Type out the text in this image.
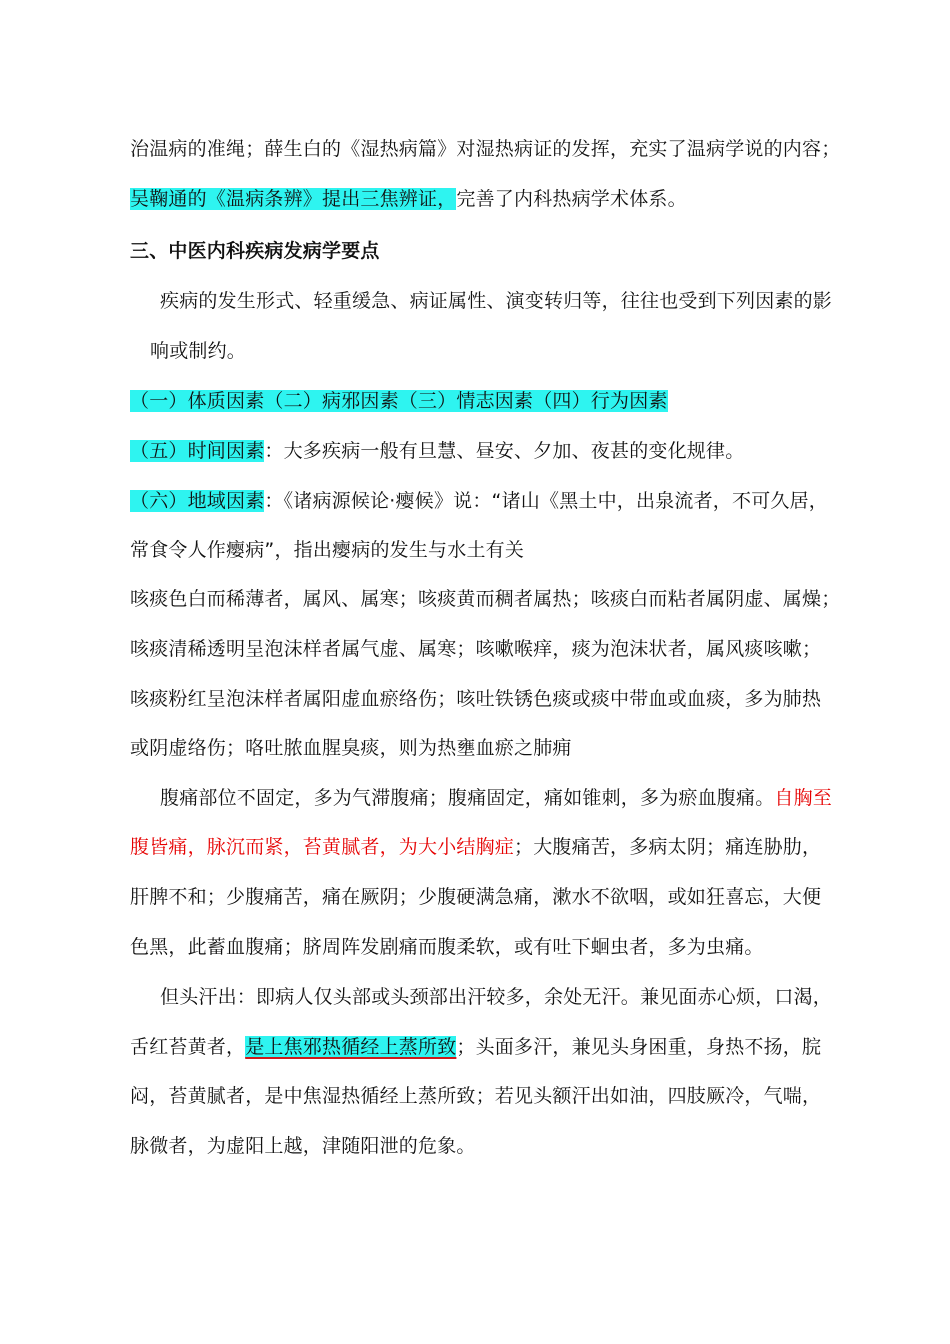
治温病的准绳；薛生白的《湿热病篇》对湿热病证的发挥，充实了温病学说的内容；
吴鞠通的《温病条辨》提出三焦辨证，完善了内科热病学术体系。
三、中医内科疾病发病学要点
疾病的发生形式、轻重缓急、病证属性、演变转归等，往往也受到下列因素的影
响或制约。
（一）体质因素（二）病邪因素（三）情志因素（四）行为因素
（五）时间因素：大多疾病一般有旦慧、昼安、夕加、夜甚的变化规律。
（六）地域因素：《诸病源候论·瘿候》说：“诸山《黑土中，出泉流者，不可久居，
常食令人作瘿病”，指出瘿病的发生与水土有关
咳痰色白而稀薄者，属风、属寒；咳痰黄而稠者属热；咳痰白而粘者属阴虚、属燥；
咳痰清稀透明呈泡沫样者属气虚、属寒；咳嗽喉痒，痰为泡沫状者，属风痰咳嗽；
咳痰粉红呈泡沫样者属阳虚血瘀络伤；咳吐铁锈色痰或痰中带血或血痰，多为肺热
或阴虚络伤；咯吐脓血腥臭痰，则为热壅血瘀之肺痈
腹痛部位不固定，多为气滞腹痛；腹痛固定，痛如锥刺，多为瘀血腹痛。自胸至
腹皆痛，脉沉而紧，苔黄腻者，为大小结胸症；大腹痛苦，多病太阴；痛连胁肋，
肝脾不和；少腹痛苦，痛在厥阴；少腹硬满急痛，漱水不欲咽，或如狂喜忘，大便
色黑，此蓄血腹痛；脐周阵发剧痛而腹柔软，或有吐下蛔虫者，多为虫痛。
但头汗出：即病人仅头部或头颈部出汗较多，余处无汗。兼见面赤心烦，口渴，
舌红苔黄者，是上焦邪热循经上蒸所致；头面多汗，兼见头身困重，身热不扬，脘
闷，苔黄腻者，是中焦湿热循经上蒸所致；若见头额汗出如油，四肢厥冷，气喘，
脉微者，为虚阳上越，津随阳泄的危象。
